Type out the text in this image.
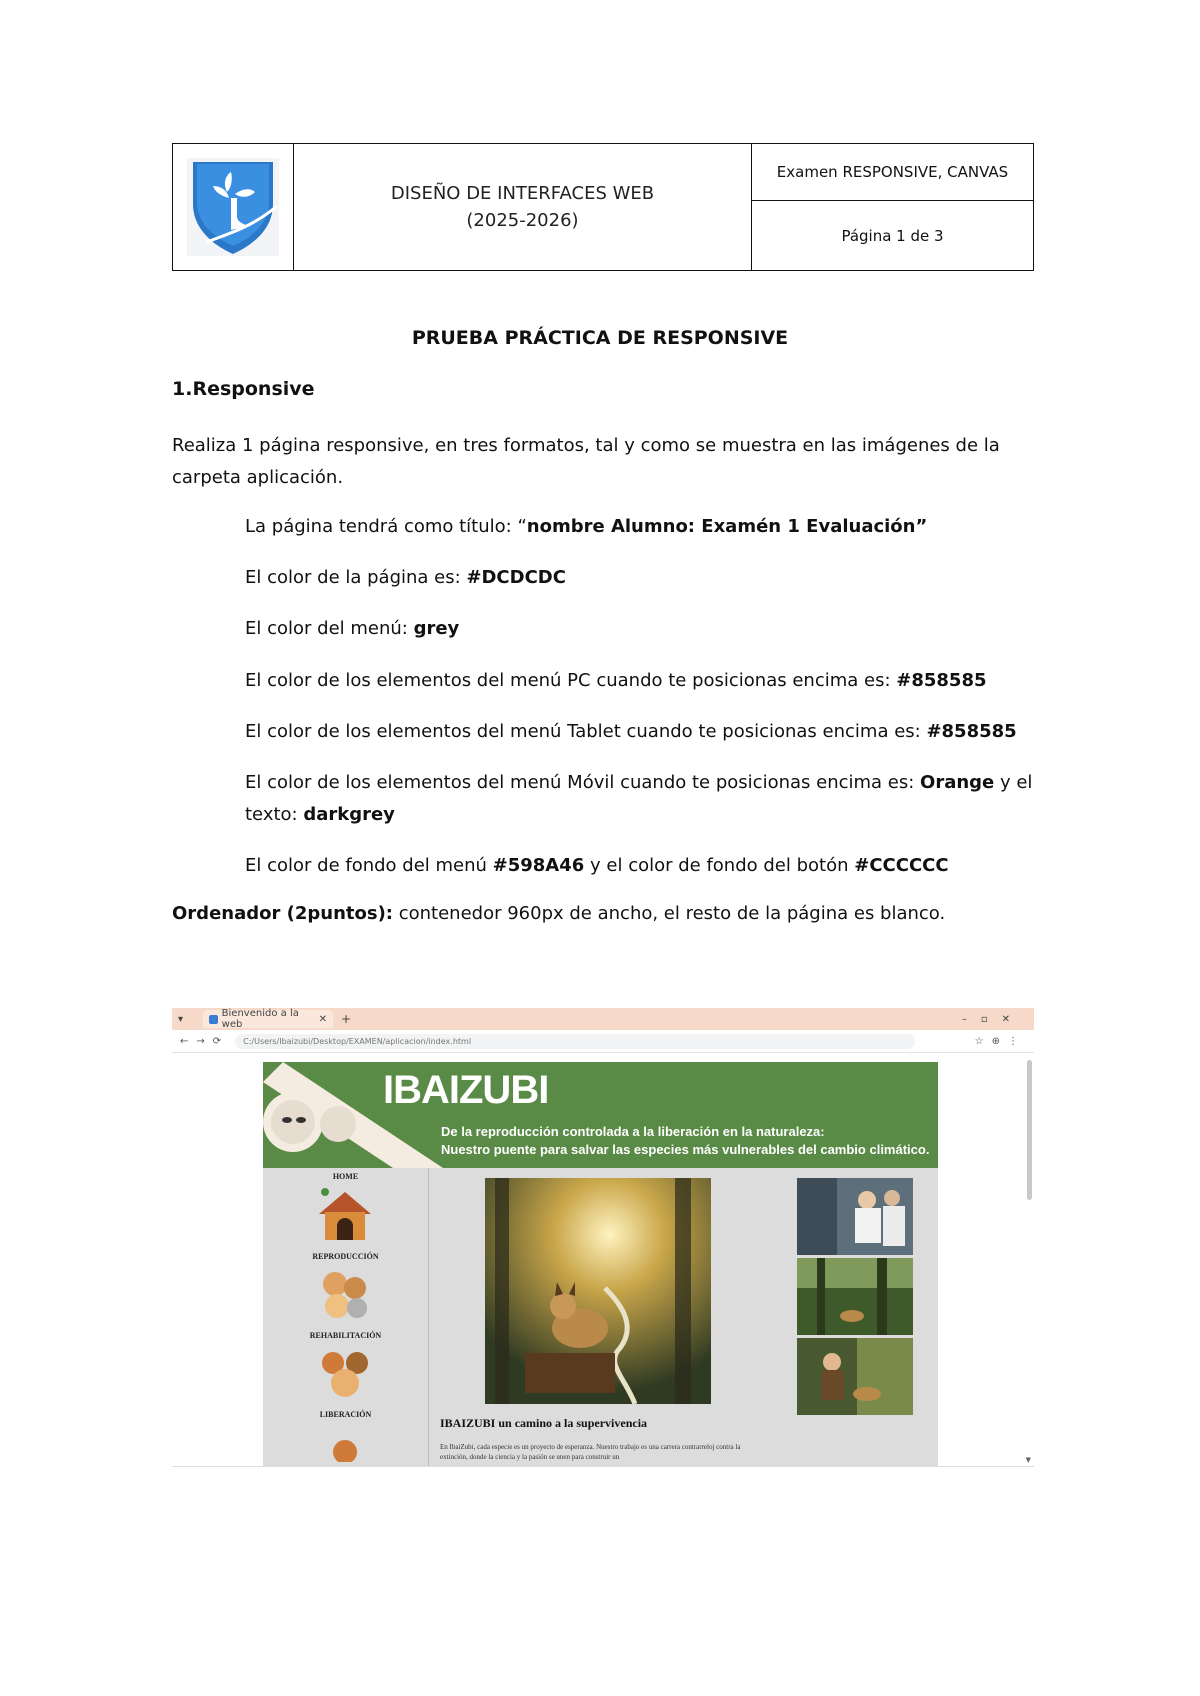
DISEÑO DE INTERFACES WEB
(2025-2026)
Examen RESPONSIVE, CANVAS
Página 1 de 3
PRUEBA PRÁCTICA DE RESPONSIVE
1.Responsive
Realiza 1 página responsive, en tres formatos, tal y como se muestra en las imágenes de la carpeta aplicación.
La página tendrá como título: “nombre Alumno: Examén 1 Evaluación”
El color de la página es: #DCDCDC
El color del menú: grey
El color de los elementos del menú PC cuando te posicionas encima es: #858585
El color de los elementos del menú Tablet cuando te posicionas encima es: #858585
El color de los elementos del menú Móvil cuando te posicionas encima es: Orange y el texto: darkgrey
El color de fondo del menú #598A46 y el color de fondo del botón #CCCCCC
Ordenador (2puntos): contenedor 960px de ancho, el resto de la página es blanco.
▾	Bienvenido a la web	✕ +	–▫✕
←→⟳ C:/Users/Ibaizubi/Desktop/EXAMEN/aplicacion/index.html	☆⊕⋮
▼
IBAIZUBI
De la reproducción controlada a la liberación en la naturaleza:
Nuestro puente para salvar las especies más vulnerables del cambio climático.
HOME
REPRODUCCIÓN
REHABILITACIÓN
LIBERACIÓN
IBAIZUBI un camino a la supervivencia
En IbaiZubi, cada especie es un proyecto de esperanza. Nuestro trabajo es una carrera contrarreloj contra la extinción, donde la ciencia y la pasión se unen para construir un
